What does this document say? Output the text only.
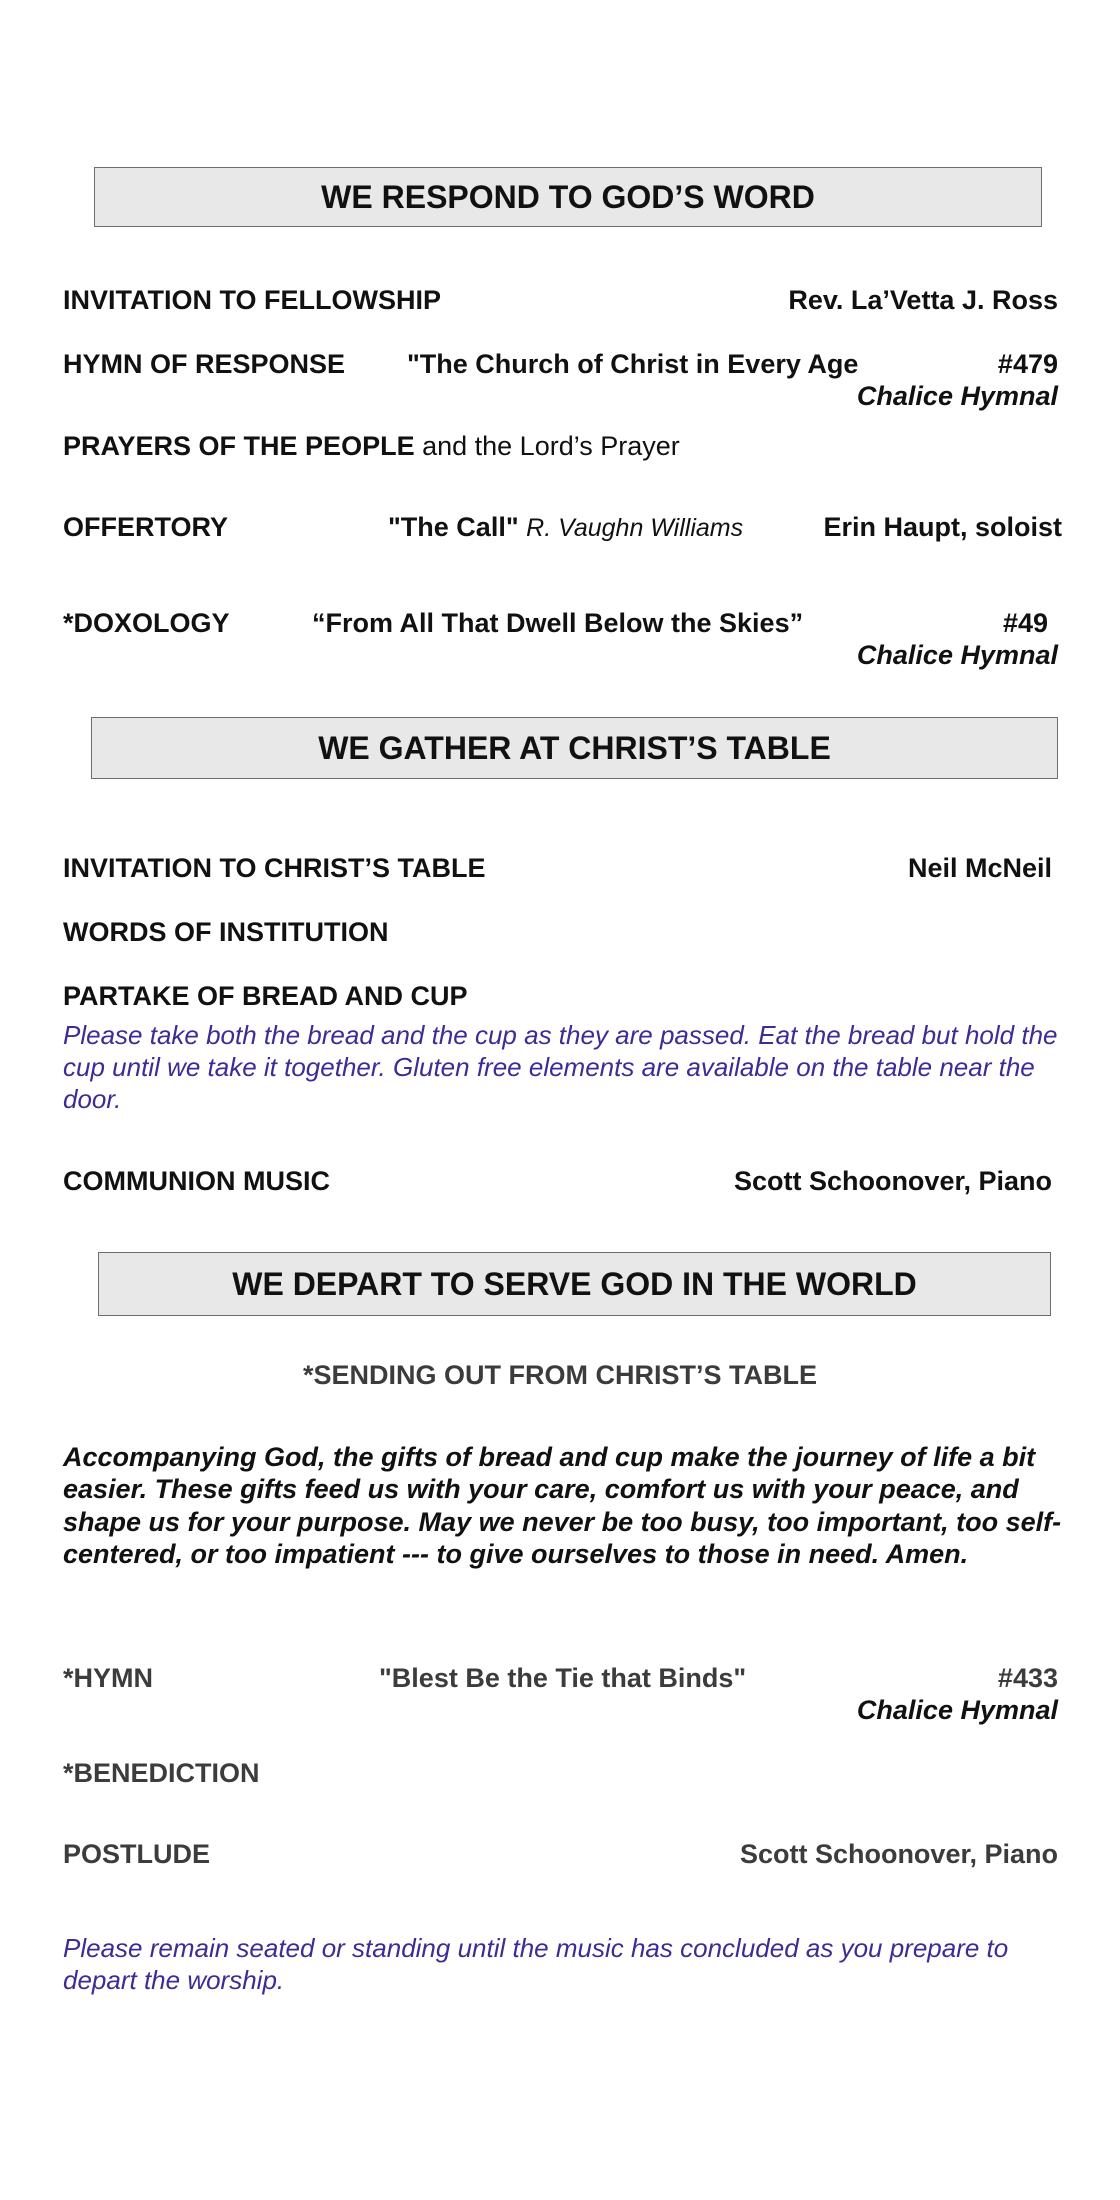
WE RESPOND TO GOD’S WORD
INVITATION TO FELLOWSHIP	Rev. La’Vetta J. Ross
HYMN OF RESPONSE "The Church of Christ in Every Age	#479
Chalice Hymnal
PRAYERS OF THE PEOPLE and the Lord’s Prayer
OFFERTORY	"The Call" R. Vaughn Williams	Erin Haupt, soloist
*DOXOLOGY	“From All That Dwell Below the Skies”	#49
Chalice Hymnal
WE GATHER AT CHRIST’S TABLE
INVITATION TO CHRIST’S TABLE	Neil McNeil
WORDS OF INSTITUTION
PARTAKE OF BREAD AND CUP
Please take both the bread and the cup as they are passed. Eat the bread but hold the cup until we take it together. Gluten free elements are available on the table near the door.
COMMUNION MUSIC	Scott Schoonover, Piano
WE DEPART TO SERVE GOD IN THE WORLD
*SENDING OUT FROM CHRIST’S TABLE
Accompanying God, the gifts of bread and cup make the journey of life a bit easier. These gifts feed us with your care, comfort us with your peace, and shape us for your purpose. May we never be too busy, too important, too self-centered, or too impatient --- to give ourselves to those in need. Amen.
*HYMN	"Blest Be the Tie that Binds"	#433
Chalice Hymnal
*BENEDICTION
POSTLUDE	Scott Schoonover, Piano
Please remain seated or standing until the music has concluded as you prepare to depart the worship.
